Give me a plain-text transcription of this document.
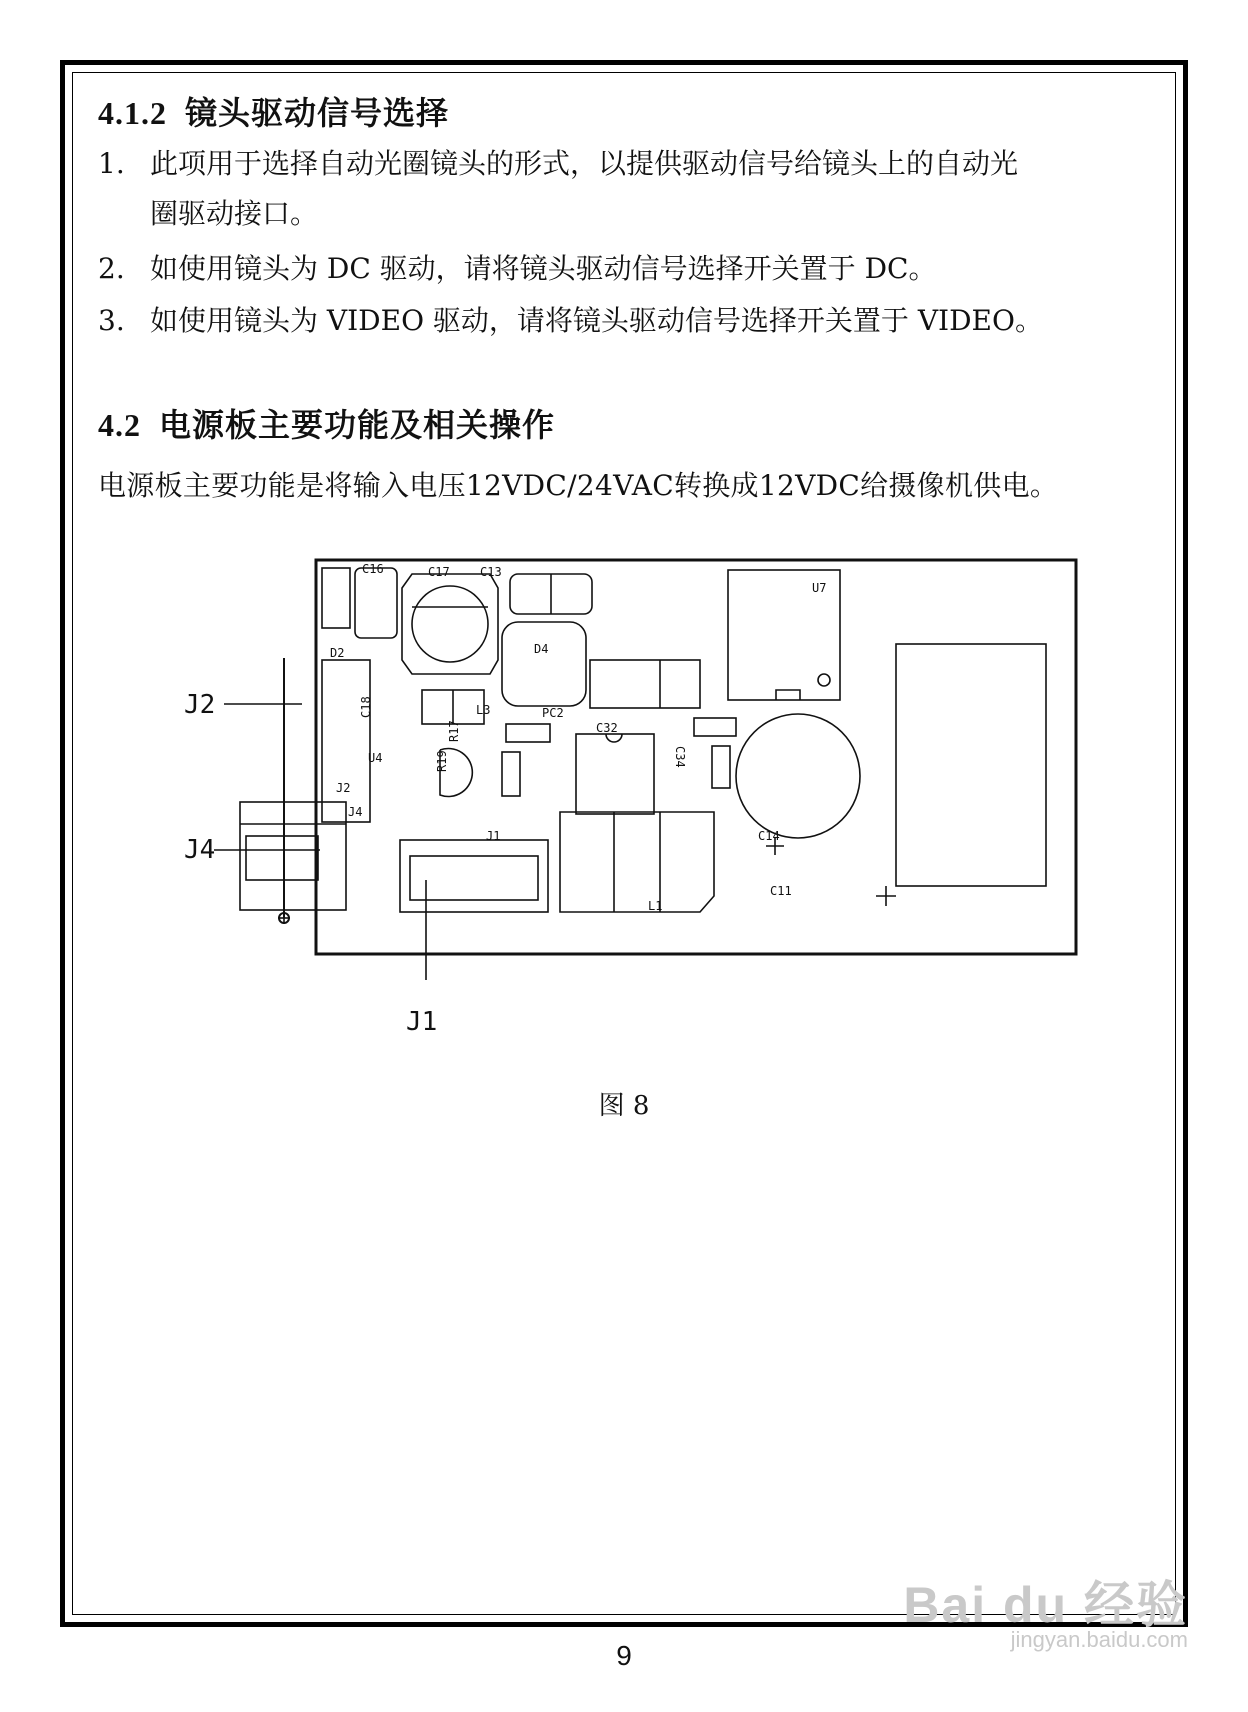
4.1.2 镜头驱动信号选择
1. 此项用于选择自动光圈镜头的形式，以提供驱动信号给镜头上的自动光
圈驱动接口。
2. 如使用镜头为 DC 驱动，请将镜头驱动信号选择开关置于 DC。
3. 如使用镜头为 VIDEO 驱动，请将镜头驱动信号选择开关置于 VIDEO。
4.2 电源板主要功能及相关操作
电源板主要功能是将输入电压12VDC/24VAC转换成12VDC给摄像机供电。
C16	C17	C13
U7
D2	D4
L3	PC2
C32
U4
J2
J4
J1	C14
C11
L1
C18
R17
R19	C34
J2
J4
J1
图 8
Bai du 经验
jingyan.baidu.com
9
